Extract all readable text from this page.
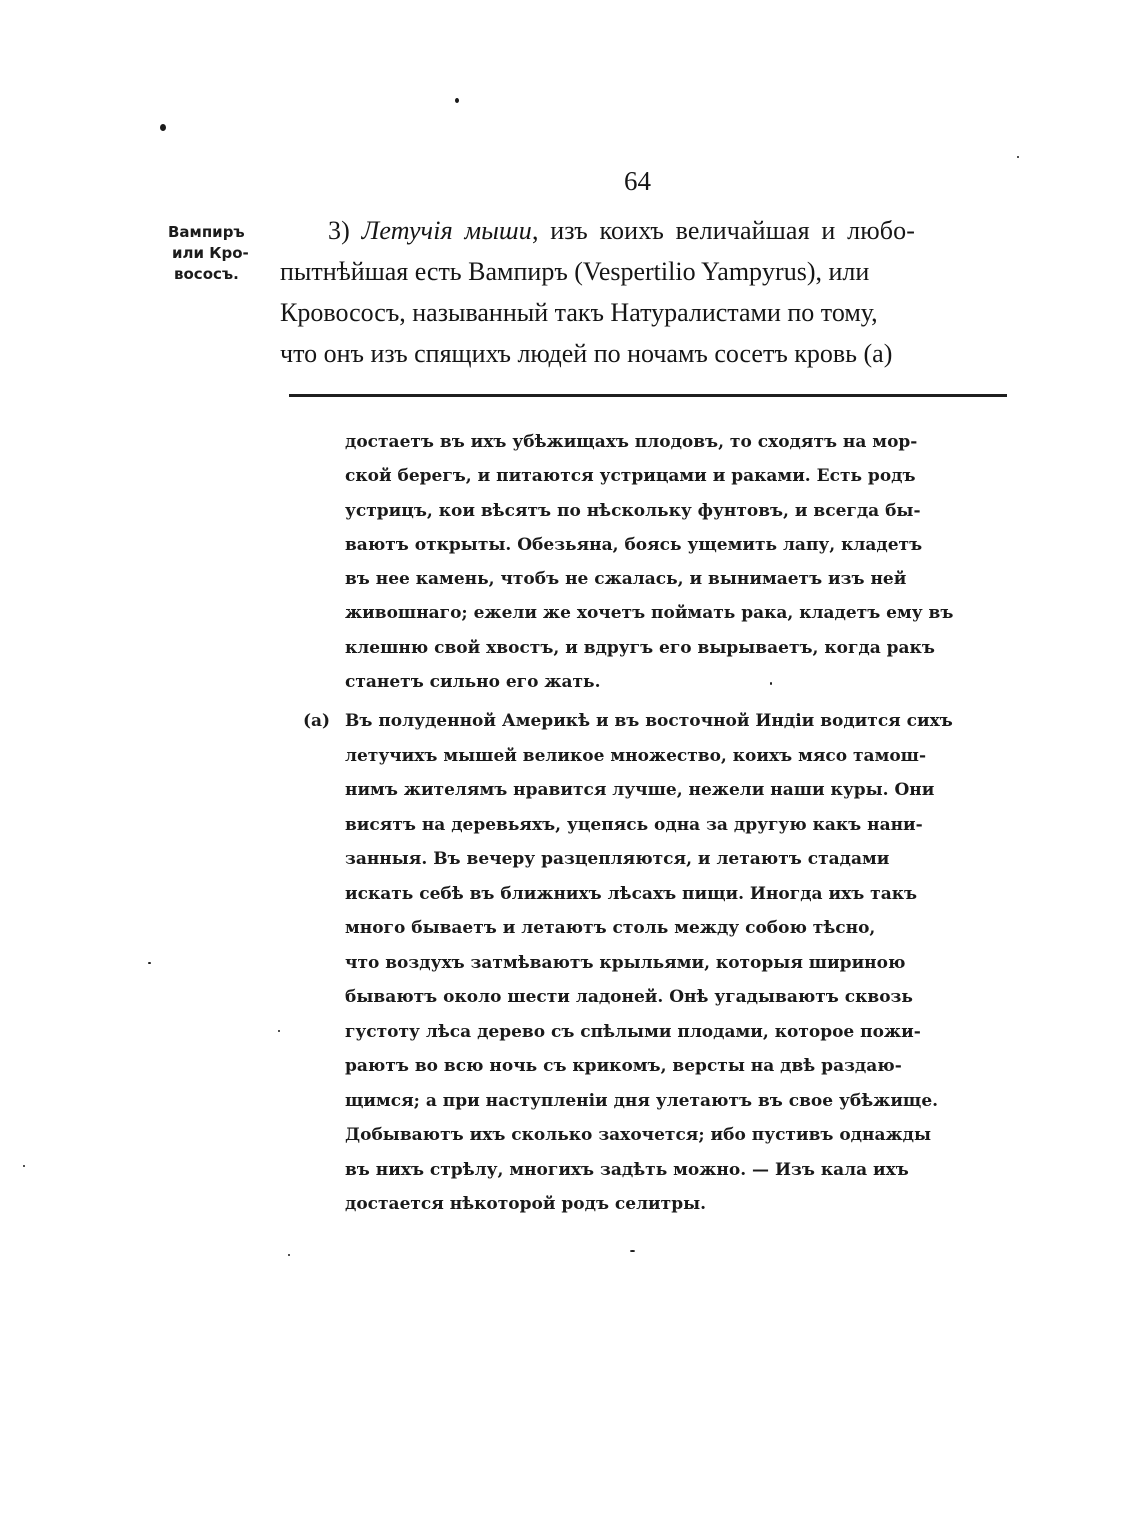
64
Вампиръ
или Кро-
вососъ.
3) Летучія мыши, изъ коихъ величайшая и любо-
пытнѣйшая есть Вампиръ (Vespertilio Yampyrus), или
Кровососъ, называнный такъ Натуралистами по тому,
что онъ изъ спящихъ людей по ночамъ сосетъ кровь (a)
достаетъ въ ихъ убѣжищахъ плодовъ, то сходятъ на мор-
ской берегъ, и питаются устрицами и раками. Есть родъ
устрицъ, кои вѣсятъ по нѣскольку фунтовъ, и всегда бы-
ваютъ открыты. Обезьяна, боясь ущемить лапу, кладетъ
въ нее камень, чтобъ не сжалась, и вынимаетъ изъ ней
живошнаго; ежели же хочетъ поймать рака, кладетъ ему въ
клешню свой хвостъ, и вдругъ его вырываетъ, когда ракъ
станетъ сильно его жать.
(a) Въ полуденной Америкѣ и въ восточной Индіи водится сихъ
летучихъ мышей великое множество, коихъ мясо тамош-
нимъ жителямъ нравится лучше, нежели наши куры. Они
висятъ на деревьяхъ, уцепясь одна за другую какъ нани-
занныя. Въ вечеру разцепляются, и летаютъ стадами
искать себѣ въ ближнихъ лѣсахъ пищи. Иногда ихъ такъ
много бываетъ и летаютъ столь между собою тѣсно,
что воздухъ затмѣваютъ крыльями, которыя шириною
бываютъ около шести ладоней. Онѣ угадываютъ сквозь
густоту лѣса дерево съ спѣлыми плодами, которое пожи-
раютъ во всю ночь съ крикомъ, версты на двѣ раздаю-
щимся; а при наступленіи дня улетаютъ въ свое убѣжище.
Добываютъ ихъ сколько захочется; ибо пустивъ однажды
въ нихъ стрѣлу, многихъ задѣть можно. — Изъ кала ихъ
достается нѣкоторой родъ селитры.
